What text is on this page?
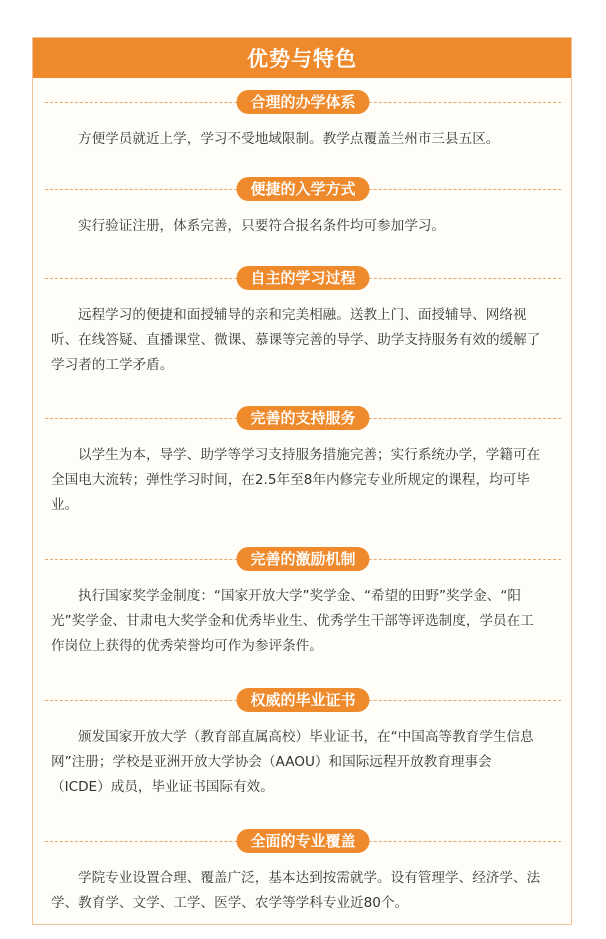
优势与特色
合理的办学体系

方便学员就近上学，学习不受地域限制。教学点覆盖兰州市三县五区。

便捷的入学方式

实行验证注册，体系完善，只要符合报名条件均可参加学习。

自主的学习过程

远程学习的便捷和面授辅导的亲和完美相融。送教上门、面授辅导、网络视听、在线答疑、直播课堂、微课、慕课等完善的导学、助学支持服务有效的缓解了学习者的工学矛盾。

完善的支持服务

以学生为本，导学、助学等学习支持服务措施完善；实行系统办学，学籍可在全国电大流转；弹性学习时间，在2.5年至8年内修完专业所规定的课程，均可毕业。

完善的激励机制

执行国家奖学金制度：“国家开放大学”奖学金、“希望的田野”奖学金、“阳光”奖学金、甘肃电大奖学金和优秀毕业生、优秀学生干部等评选制度，学员在工作岗位上获得的优秀荣誉均可作为参评条件。

权威的毕业证书

颁发国家开放大学（教育部直属高校）毕业证书，在“中国高等教育学生信息网”注册；学校是亚洲开放大学协会（AAOU）和国际远程开放教育理事会（ICDE）成员，毕业证书国际有效。

全面的专业覆盖

学院专业设置合理、覆盖广泛，基本达到按需就学。设有管理学、经济学、法学、教育学、文学、工学、医学、农学等学科专业近80个。
